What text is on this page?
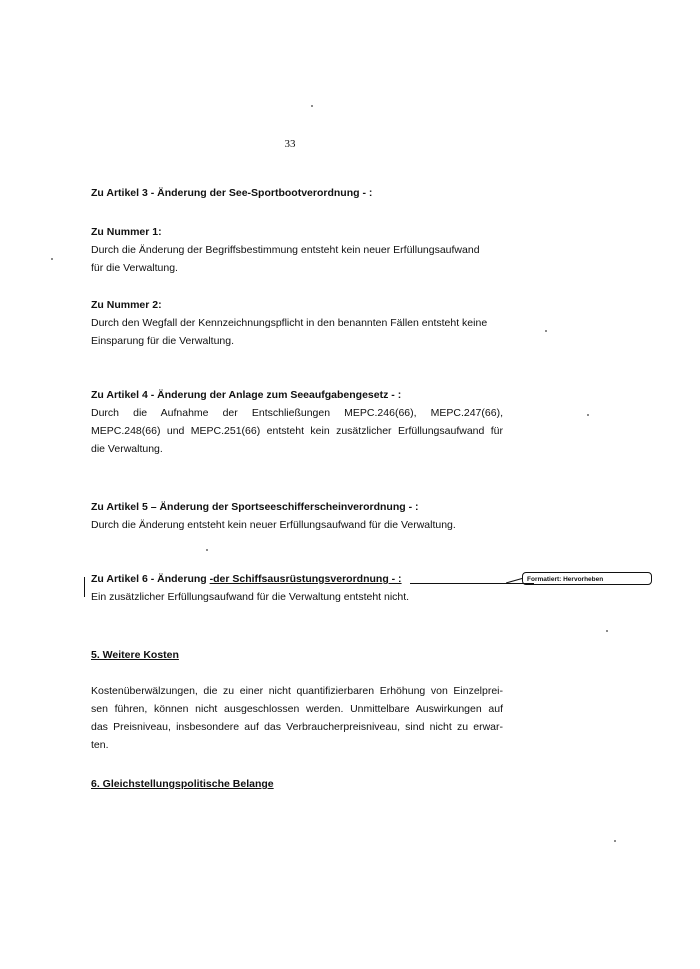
33
Zu Artikel 3 - Änderung der See-Sportbootverordnung - :
Zu Nummer 1:
Durch die Änderung der Begriffsbestimmung entsteht kein neuer Erfüllungsaufwand
für die Verwaltung.
Zu Nummer 2:
Durch den Wegfall der Kennzeichnungspflicht in den benannten Fällen entsteht keine
Einsparung für die Verwaltung.
Zu Artikel 4 - Änderung der Anlage zum Seeaufgabengesetz - :
Durch die Aufnahme der Entschließungen MEPC.246(66), MEPC.247(66),
MEPC.248(66) und MEPC.251(66) entsteht kein zusätzlicher Erfüllungsaufwand für
die Verwaltung.
Zu Artikel 5 – Änderung der Sportseeschifferscheinverordnung - :
Durch die Änderung entsteht kein neuer Erfüllungsaufwand für die Verwaltung.
Zu Artikel 6 - Änderung -der Schiffsausrüstungsverordnung - :
Ein zusätzlicher Erfüllungsaufwand für die Verwaltung entsteht nicht.
Formatiert: Hervorheben
5. Weitere Kosten
Kostenüberwälzungen, die zu einer nicht quantifizierbaren Erhöhung von Einzelprei-
sen führen, können nicht ausgeschlossen werden. Unmittelbare Auswirkungen auf
das Preisniveau, insbesondere auf das Verbraucherpreisniveau, sind nicht zu erwar-
ten.
6. Gleichstellungspolitische Belange
